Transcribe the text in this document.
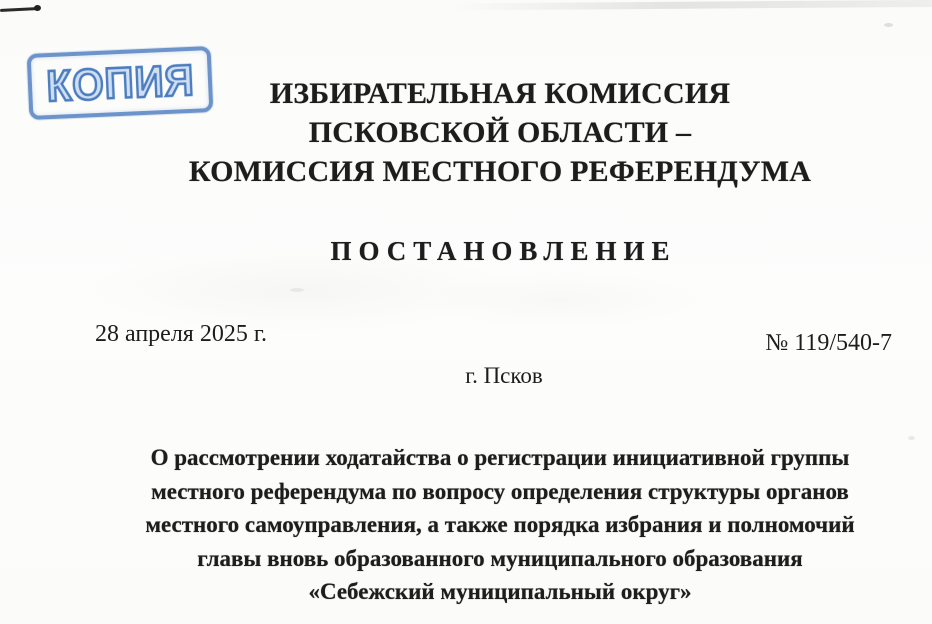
КОПИЯ	ИЗБИРАТЕЛЬНАЯ КОМИССИЯ
ПСКОВСКОЙ ОБЛАСТИ –
КОМИССИЯ МЕСТНОГО РЕФЕРЕНДУМА
ПОСТАНОВЛЕНИЕ
28 апреля 2025 г.	№ 119/540-7
г. Псков
О рассмотрении ходатайства о регистрации инициативной группы
местного референдума по вопросу определения структуры органов
местного самоуправления, а также порядка избрания и полномочий
главы вновь образованного муниципального образования
«Себежский муниципальный округ»
